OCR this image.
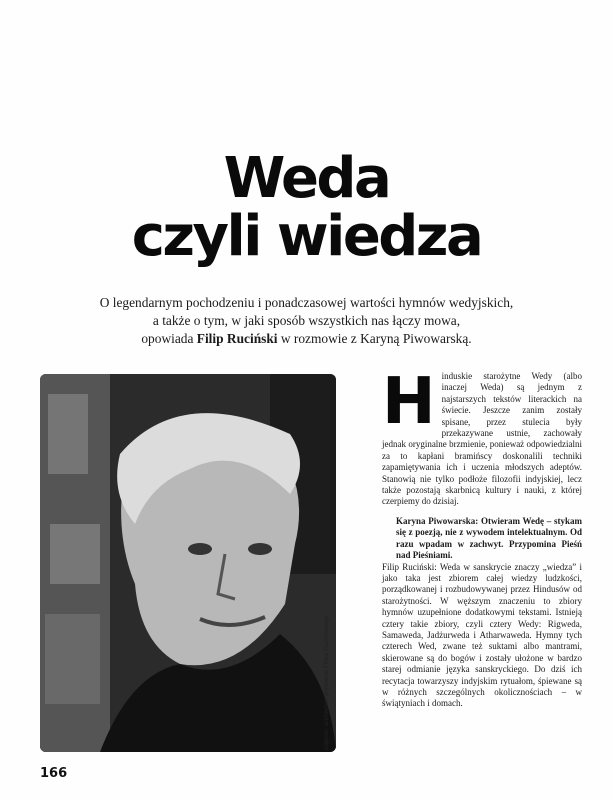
Weda
czyli wiedza

O legendarnym pochodzeniu i ponadczasowej wartości hymnów wedyjskich,

a także o tym, w jaki sposób wszystkich nas łączy mowa,

opowiada Filip Ruciński w rozmowie z Karyną Piwowarską.

Hinduskie starożytne Wedy (albo inaczej Weda) są jednym z najstarszych tekstów literackich na świecie. Jeszcze zanim zostały spisane, przez stulecia były przekazywane ustnie, zachowały jednak oryginalne brzmienie, ponieważ odpowiedzialni za to kapłani bramińscy doskonalili techniki zapamiętywania ich i uczenia młodszych adeptów. Stanowią nie tylko podłoże filozofii indyjskiej, lecz także pozostają skarbnicą kultury i nauki, z której czerpiemy do dzisiaj.

Karyna Piwowarska: Otwieram Wedę – stykam się z poezją, nie z wywodem intelektualnym. Od razu wpadam w zachwyt. Przypomina Pieśń nad Pieśniami.

Filip Ruciński: Weda w sanskrycie znaczy „wiedza” i jako taka jest zbiorem całej wiedzy ludzkości, porządkowanej i rozbudowywanej przez Hindusów od starożytności. W węższym znaczeniu to zbiory hymnów uzupełnione dodatkowymi tekstami. Istnieją cztery takie zbiory, czyli cztery Wedy: Rigweda, Samaweda, Jadżurweda i Atharwaweda. Hymny tych czterech Wed, zwane też suktami albo mantrami, skierowane są do bogów i zostały ułożone w bardzo starej odmianie języka sanskryckiego. Do dziś ich recytacja towarzyszy indyjskim rytuałom, śpiewane są w różnych szczególnych okolicznościach – w świątyniach i domach.

166
